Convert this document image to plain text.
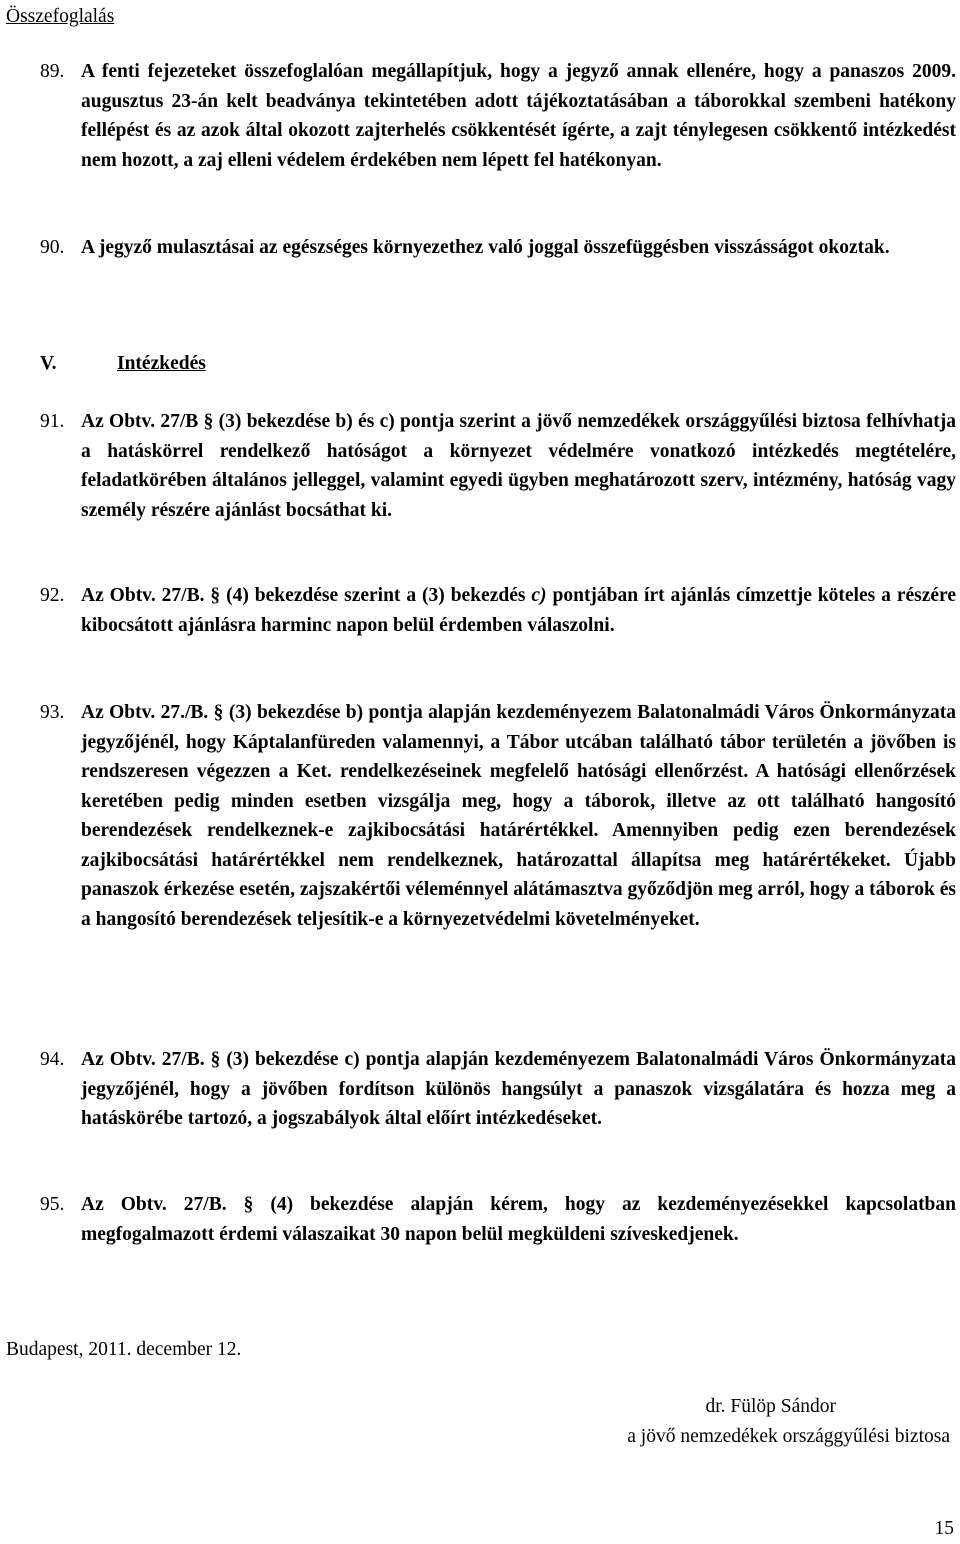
Összefoglalás
89. A fenti fejezeteket összefoglalóan megállapítjuk, hogy a jegyző annak ellenére, hogy a panaszos 2009. augusztus 23-án kelt beadványa tekintetében adott tájékoztatásában a táborokkal szembeni hatékony fellépést és az azok által okozott zajterhelés csökkentését ígérte, a zajt ténylegesen csökkentő intézkedést nem hozott, a zaj elleni védelem érdekében nem lépett fel hatékonyan.
90. A jegyző mulasztásai az egészséges környezethez való joggal összefüggésben visszásságot okoztak.
V.	Intézkedés
91. Az Obtv. 27/B § (3) bekezdése b) és c) pontja szerint a jövő nemzedékek országgyűlési biztosa felhívhatja a hatáskörrel rendelkező hatóságot a környezet védelmére vonatkozó intézkedés megtételére, feladatkörében általános jelleggel, valamint egyedi ügyben meghatározott szerv, intézmény, hatóság vagy személy részére ajánlást bocsáthat ki.
92. Az Obtv. 27/B. § (4) bekezdése szerint a (3) bekezdés c) pontjában írt ajánlás címzettje köteles a részére kibocsátott ajánlásra harminc napon belül érdemben válaszolni.
93. Az Obtv. 27./B. § (3) bekezdése b) pontja alapján kezdeményezem Balatonalmádi Város Önkormányzata jegyzőjénél, hogy Káptalanfüreden valamennyi, a Tábor utcában található tábor területén a jövőben is rendszeresen végezzen a Ket. rendelkezéseinek megfelelő hatósági ellenőrzést. A hatósági ellenőrzések keretében pedig minden esetben vizsgálja meg, hogy a táborok, illetve az ott található hangosító berendezések rendelkeznek-e zajkibocsátási határértékkel. Amennyiben pedig ezen berendezések zajkibocsátási határértékkel nem rendelkeznek, határozattal állapítsa meg határértékeket. Újabb panaszok érkezése esetén, zajszakértői véleménnyel alátámasztva győződjön meg arról, hogy a táborok és a hangosító berendezések teljesítik-e a környezetvédelmi követelményeket.
94. Az Obtv. 27/B. § (3) bekezdése c) pontja alapján kezdeményezem Balatonalmádi Város Önkormányzata jegyzőjénél, hogy a jövőben fordítson különös hangsúlyt a panaszok vizsgálatára és hozza meg a hatáskörébe tartozó, a jogszabályok által előírt intézkedéseket.
95. Az Obtv. 27/B. § (4) bekezdése alapján kérem, hogy az kezdeményezésekkel kapcsolatban megfogalmazott érdemi válaszaikat 30 napon belül megküldeni szíveskedjenek.
Budapest, 2011. december 12.
dr. Fülöp Sándor
a jövő nemzedékek országgyűlési biztosa
15
